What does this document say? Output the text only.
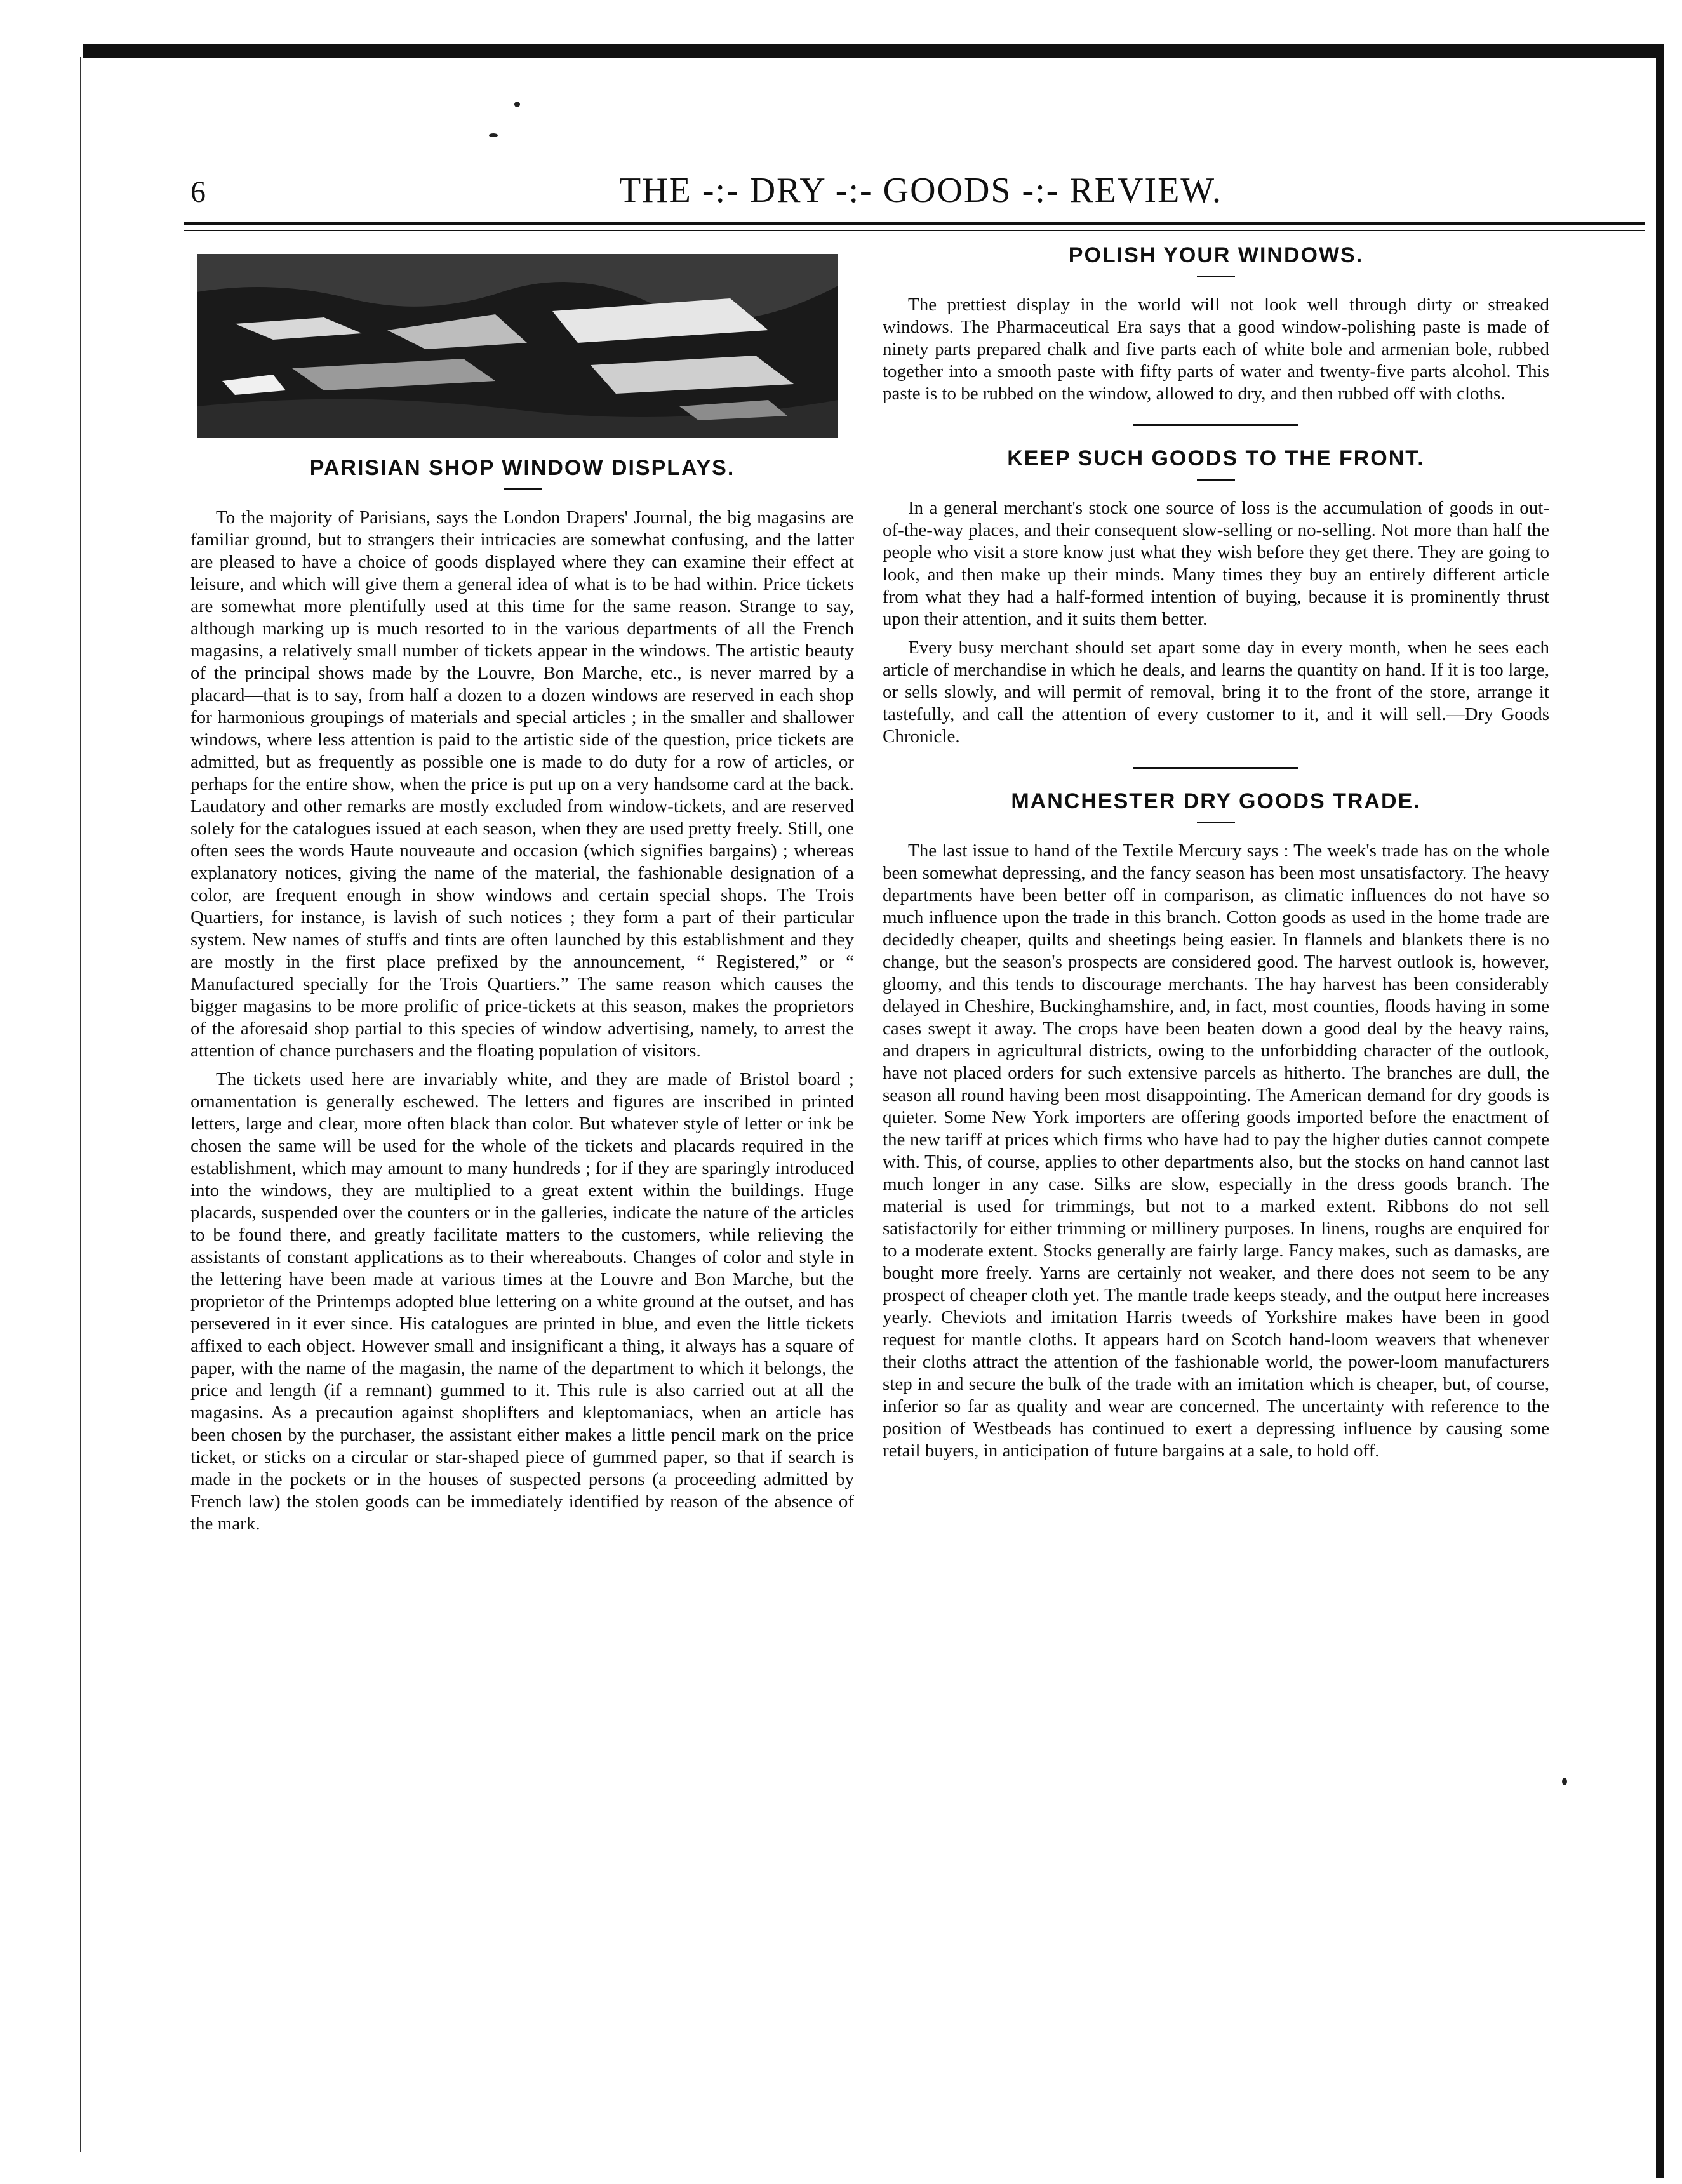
6	THE -:- DRY -:- GOODS -:- REVIEW.
PARISIAN SHOP WINDOW DISPLAYS.

To the majority of Parisians, says the London Drapers' Journal, the big magasins are familiar ground, but to strangers their intricacies are somewhat confusing, and the latter are pleased to have a choice of goods displayed where they can examine their effect at leisure, and which will give them a general idea of what is to be had within. Price tickets are somewhat more plentifully used at this time for the same reason. Strange to say, although marking up is much resorted to in the various departments of all the French magasins, a relatively small number of tickets appear in the windows. The artistic beauty of the principal shows made by the Louvre, Bon Marche, etc., is never marred by a placard—that is to say, from half a dozen to a dozen windows are reserved in each shop for harmonious groupings of materials and special articles ; in the smaller and shallower windows, where less attention is paid to the artistic side of the question, price tickets are admitted, but as frequently as possible one is made to do duty for a row of articles, or perhaps for the entire show, when the price is put up on a very handsome card at the back. Laudatory and other remarks are mostly excluded from window-tickets, and are reserved solely for the catalogues issued at each season, when they are used pretty freely. Still, one often sees the words Haute nouveaute and occasion (which signifies bargains) ; whereas explanatory notices, giving the name of the material, the fashionable designation of a color, are frequent enough in show windows and certain special shops. The Trois Quartiers, for instance, is lavish of such notices ; they form a part of their particular system. New names of stuffs and tints are often launched by this establishment and they are mostly in the first place prefixed by the announcement, “ Registered,” or “ Manufactured specially for the Trois Quartiers.” The same reason which causes the bigger magasins to be more prolific of price-tickets at this season, makes the proprietors of the aforesaid shop partial to this species of window advertising, namely, to arrest the attention of chance purchasers and the floating population of visitors.

The tickets used here are invariably white, and they are made of Bristol board ; ornamentation is generally eschewed. The letters and figures are inscribed in printed letters, large and clear, more often black than color. But whatever style of letter or ink be chosen the same will be used for the whole of the tickets and placards required in the establishment, which may amount to many hundreds ; for if they are sparingly introduced into the windows, they are multiplied to a great extent within the buildings. Huge placards, suspended over the counters or in the galleries, indicate the nature of the articles to be found there, and greatly facilitate matters to the customers, while relieving the assistants of constant applications as to their whereabouts. Changes of color and style in the lettering have been made at various times at the Louvre and Bon Marche, but the proprietor of the Printemps adopted blue lettering on a white ground at the outset, and has persevered in it ever since. His catalogues are printed in blue, and even the little tickets affixed to each object. However small and insignificant a thing, it always has a square of paper, with the name of the magasin, the name of the department to which it belongs, the price and length (if a remnant) gummed to it. This rule is also carried out at all the magasins. As a precaution against shoplifters and kleptomaniacs, when an article has been chosen by the purchaser, the assistant either makes a little pencil mark on the price ticket, or sticks on a circular or star-shaped piece of gummed paper, so that if search is made in the pockets or in the houses of suspected persons (a proceeding admitted by French law) the stolen goods can be immediately identified by reason of the absence of the mark.

POLISH YOUR WINDOWS.

The prettiest display in the world will not look well through dirty or streaked windows. The Pharmaceutical Era says that a good window-polishing paste is made of ninety parts prepared chalk and five parts each of white bole and armenian bole, rubbed together into a smooth paste with fifty parts of water and twenty-five parts alcohol. This paste is to be rubbed on the window, allowed to dry, and then rubbed off with cloths.

KEEP SUCH GOODS TO THE FRONT.

In a general merchant's stock one source of loss is the accumulation of goods in out-of-the-way places, and their consequent slow-selling or no-selling. Not more than half the people who visit a store know just what they wish before they get there. They are going to look, and then make up their minds. Many times they buy an entirely different article from what they had a half-formed intention of buying, because it is prominently thrust upon their attention, and it suits them better.

Every busy merchant should set apart some day in every month, when he sees each article of merchandise in which he deals, and learns the quantity on hand. If it is too large, or sells slowly, and will permit of removal, bring it to the front of the store, arrange it tastefully, and call the attention of every customer to it, and it will sell.—Dry Goods Chronicle.

MANCHESTER DRY GOODS TRADE.

The last issue to hand of the Textile Mercury says : The week's trade has on the whole been somewhat depressing, and the fancy season has been most unsatisfactory. The heavy departments have been better off in comparison, as climatic influences do not have so much influence upon the trade in this branch. Cotton goods as used in the home trade are decidedly cheaper, quilts and sheetings being easier. In flannels and blankets there is no change, but the season's prospects are considered good. The harvest outlook is, however, gloomy, and this tends to discourage merchants. The hay harvest has been considerably delayed in Cheshire, Buckinghamshire, and, in fact, most counties, floods having in some cases swept it away. The crops have been beaten down a good deal by the heavy rains, and drapers in agricultural districts, owing to the unforbidding character of the outlook, have not placed orders for such extensive parcels as hitherto. The branches are dull, the season all round having been most disappointing. The American demand for dry goods is quieter. Some New York importers are offering goods imported before the enactment of the new tariff at prices which firms who have had to pay the higher duties cannot compete with. This, of course, applies to other departments also, but the stocks on hand cannot last much longer in any case. Silks are slow, especially in the dress goods branch. The material is used for trimmings, but not to a marked extent. Ribbons do not sell satisfactorily for either trimming or millinery purposes. In linens, roughs are enquired for to a moderate extent. Stocks generally are fairly large. Fancy makes, such as damasks, are bought more freely. Yarns are certainly not weaker, and there does not seem to be any prospect of cheaper cloth yet. The mantle trade keeps steady, and the output here increases yearly. Cheviots and imitation Harris tweeds of Yorkshire makes have been in good request for mantle cloths. It appears hard on Scotch hand-loom weavers that whenever their cloths attract the attention of the fashionable world, the power-loom manufacturers step in and secure the bulk of the trade with an imitation which is cheaper, but, of course, inferior so far as quality and wear are concerned. The uncertainty with reference to the position of Westbeads has continued to exert a depressing influence by causing some retail buyers, in anticipation of future bargains at a sale, to hold off.
